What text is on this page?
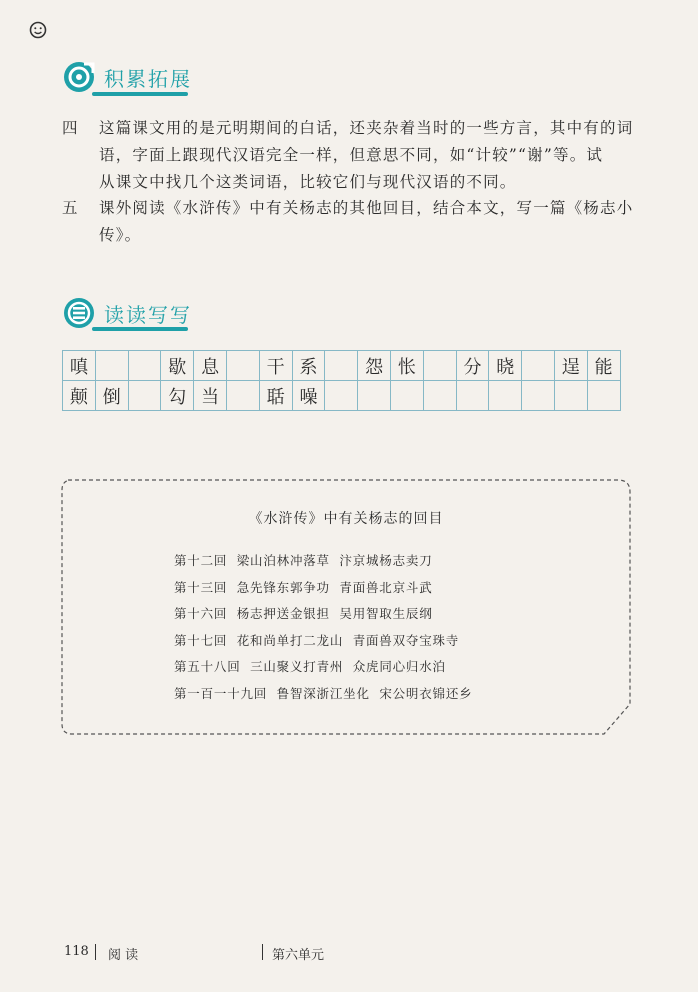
积累拓展
四 这篇课文用的是元明期间的白话，还夹杂着当时的一些方言，其中有的词
语，字面上跟现代汉语完全一样，但意思不同，如“计较”“谢”等。试
从课文中找几个这类词语，比较它们与现代汉语的不同。
五 课外阅读《水浒传》中有关杨志的其他回目，结合本文，写一篇《杨志小
传》。
读读写写
嗔			歇	息		干	系		怨	怅		分	晓		逞	能
颠	倒		勾	当		聒	噪									
《水浒传》中有关杨志的回目
第十二回 梁山泊林冲落草 汴京城杨志卖刀
第十三回 急先锋东郭争功 青面兽北京斗武
第十六回 杨志押送金银担 吴用智取生辰纲
第十七回 花和尚单打二龙山 青面兽双夺宝珠寺
第五十八回 三山聚义打青州 众虎同心归水泊
第一百一十九回 鲁智深浙江坐化 宋公明衣锦还乡
118 阅 读	第六单元
